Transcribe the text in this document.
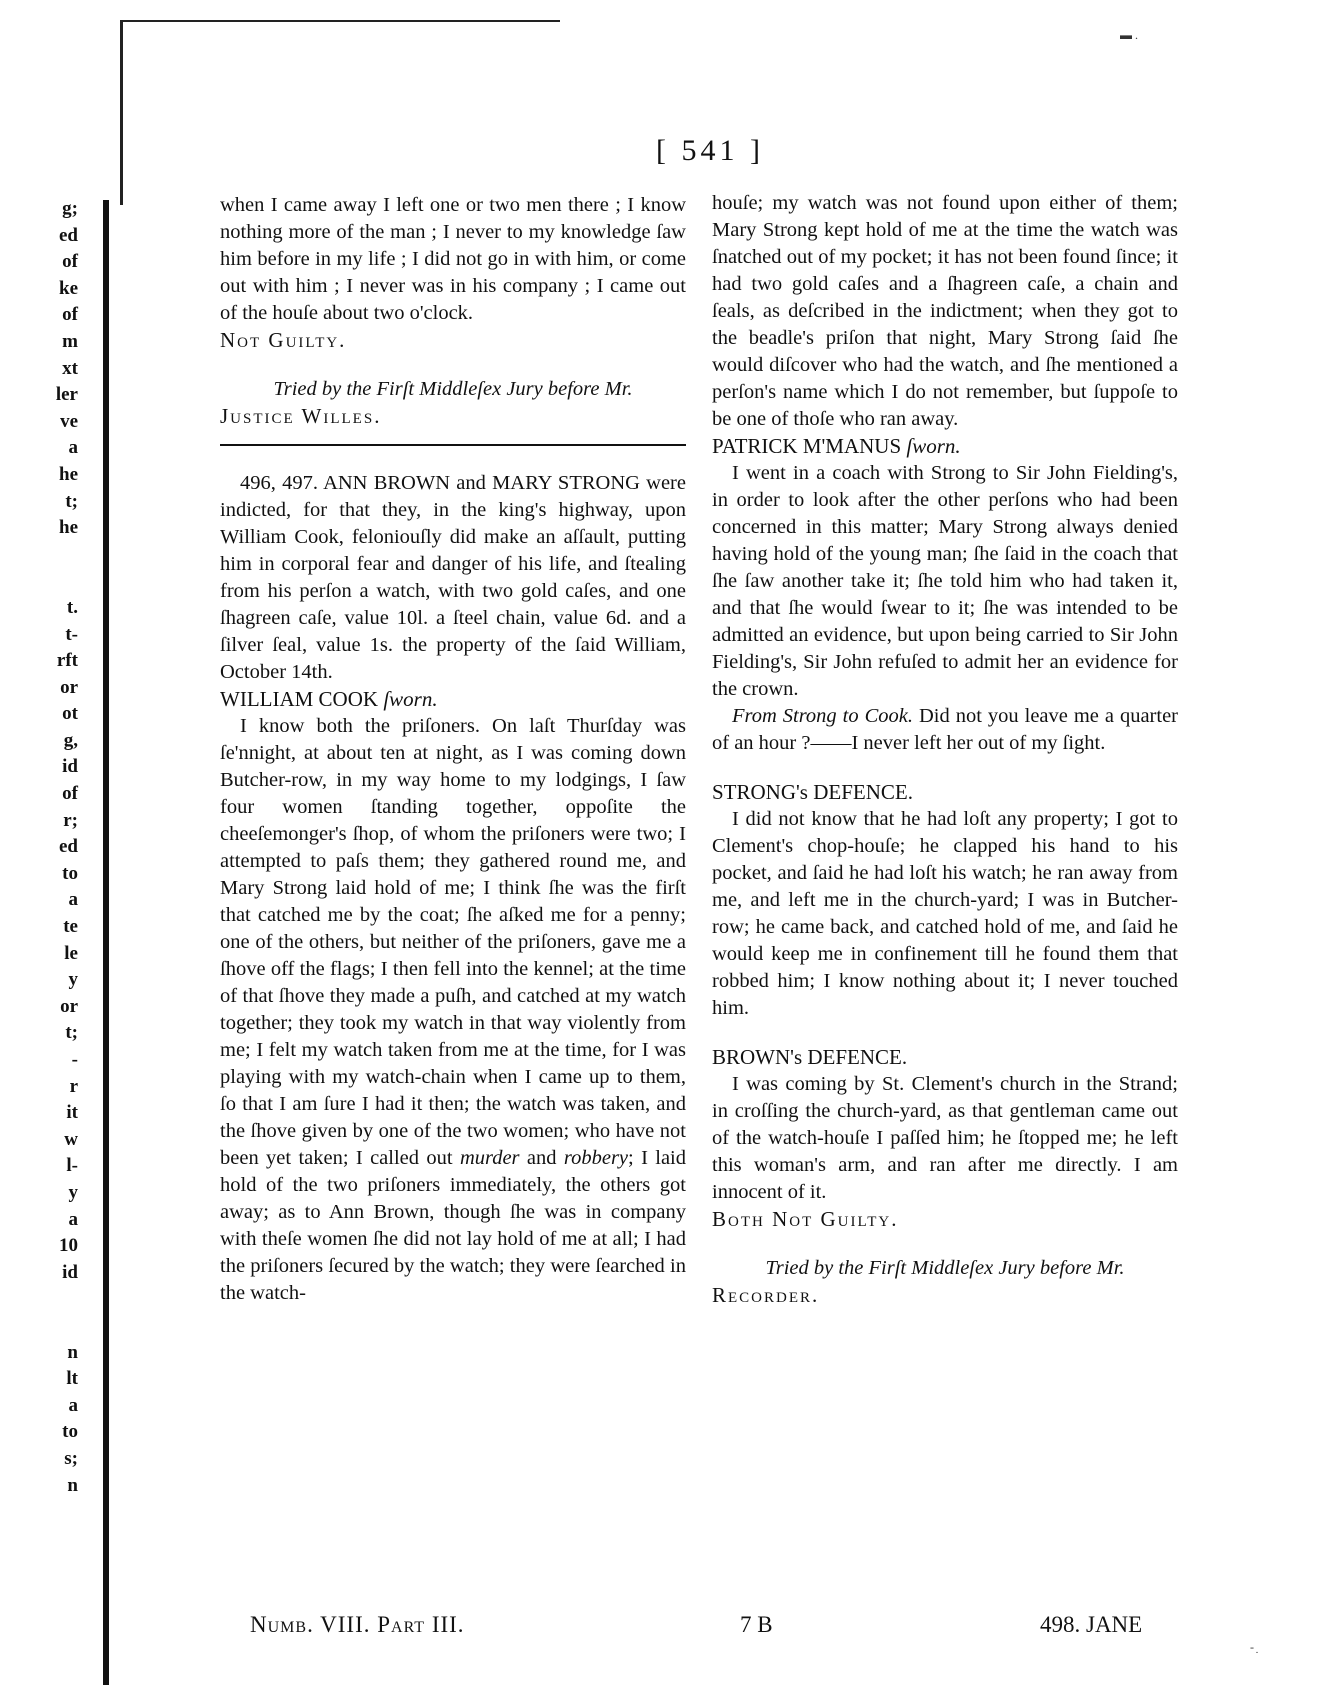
g;
ed
of
ke
of
m
xt
ler
ve
a
he
t;
he
t.
t-
rft
or
ot
g,
id
of
r;
ed
to
a
te
le
y
or
t;
-
r
it
w
l-
y
a
10
id
n
lt
a
to
s;
n
▬ .
- ̣
[ 541 ]

when I came away I left one or two men there ; I know nothing more of the man ; I never to my knowledge ſaw him before in my life ; I did not go in with him, or come out with him ; I never was in his company ; I came out of the houſe about two o'clock.

Not Guilty.

Tried by the Firſt Middleſex Jury before Mr.

Justice Willes.

496, 497. ANN BROWN and MARY STRONG were indicted, for that they, in the king's highway, upon William Cook, feloniouſly did make an aſſault, putting him in corporal fear and danger of his life, and ſtealing from his perſon a watch, with two gold caſes, and one ſhagreen caſe, value 10l. a ſteel chain, value 6d. and a ſilver ſeal, value 1s. the property of the ſaid William, October 14th.

WILLIAM COOK ſworn.

I know both the priſoners. On laſt Thurſday was ſe'nnight, at about ten at night, as I was coming down Butcher-row, in my way home to my lodgings, I ſaw four women ſtanding together, oppoſite the cheeſemonger's ſhop, of whom the priſoners were two; I attempted to paſs them; they gathered round me, and Mary Strong laid hold of me; I think ſhe was the firſt that catched me by the coat; ſhe aſked me for a penny; one of the others, but neither of the priſoners, gave me a ſhove off the flags; I then fell into the kennel; at the time of that ſhove they made a puſh, and catched at my watch together; they took my watch in that way violently from me; I felt my watch taken from me at the time, for I was playing with my watch-chain when I came up to them, ſo that I am ſure I had it then; the watch was taken, and the ſhove given by one of the two women; who have not been yet taken; I called out murder and robbery; I laid hold of the two priſoners immediately, the others got away; as to Ann Brown, though ſhe was in company with theſe women ſhe did not lay hold of me at all; I had the priſoners ſecured by the watch; they were ſearched in the watch-

houſe; my watch was not found upon either of them; Mary Strong kept hold of me at the time the watch was ſnatched out of my pocket; it has not been found ſince; it had two gold caſes and a ſhagreen caſe, a chain and ſeals, as deſcribed in the indictment; when they got to the beadle's priſon that night, Mary Strong ſaid ſhe would diſcover who had the watch, and ſhe mentioned a perſon's name which I do not remember, but ſuppoſe to be one of thoſe who ran away.

PATRICK M'MANUS ſworn.

I went in a coach with Strong to Sir John Fielding's, in order to look after the other perſons who had been concerned in this matter; Mary Strong always denied having hold of the young man; ſhe ſaid in the coach that ſhe ſaw another take it; ſhe told him who had taken it, and that ſhe would ſwear to it; ſhe was intended to be admitted an evidence, but upon being carried to Sir John Fielding's, Sir John refuſed to admit her an evidence for the crown.

From Strong to Cook. Did not you leave me a quarter of an hour ?——I never left her out of my ſight.

STRONG's DEFENCE.

I did not know that he had loſt any property; I got to Clement's chop-houſe; he clapped his hand to his pocket, and ſaid he had loſt his watch; he ran away from me, and left me in the church-yard; I was in Butcher-row; he came back, and catched hold of me, and ſaid he would keep me in confinement till he found them that robbed him; I know nothing about it; I never touched him.

BROWN's DEFENCE.

I was coming by St. Clement's church in the Strand; in croſſing the church-yard, as that gentleman came out of the watch-houſe I paſſed him; he ſtopped me; he left this woman's arm, and ran after me directly. I am innocent of it.

Both Not Guilty.

Tried by the Firſt Middleſex Jury before Mr.

Recorder.

Numb. VIII. Part III.	7 B	498. JANE
